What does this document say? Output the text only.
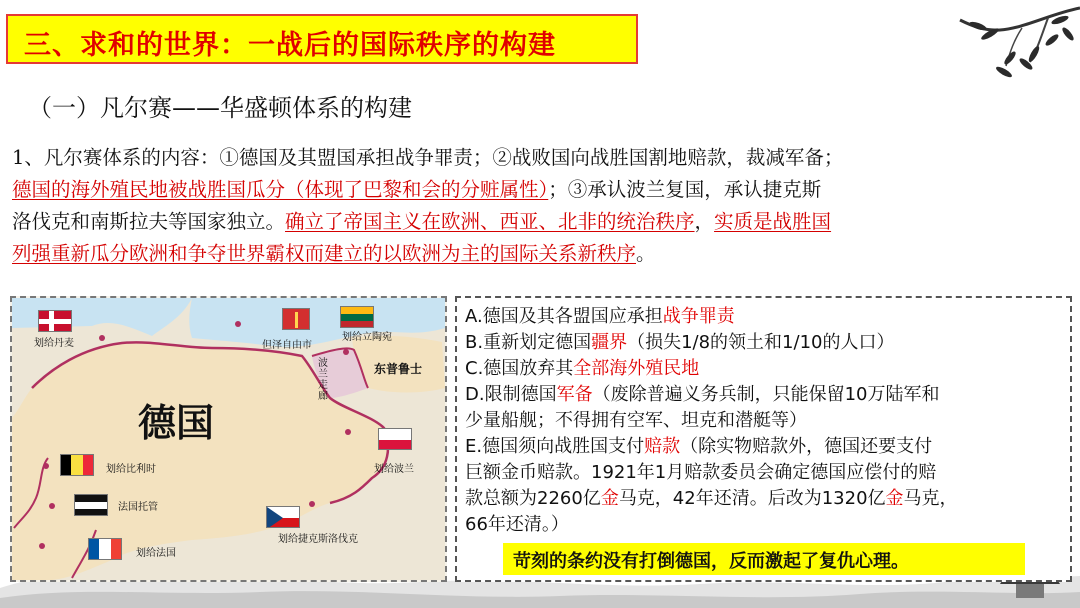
三、求和的世界：一战后的国际秩序的构建
（一）凡尔赛——华盛顿体系的构建
1、凡尔赛体系的内容：①德国及其盟国承担战争罪责；②战败国向战胜国割地赔款，裁减军备；
德国的海外殖民地被战胜国瓜分（体现了巴黎和会的分赃属性）；③承认波兰复国，承认捷克斯
洛伐克和南斯拉夫等国家独立。确立了帝国主义在欧洲、西亚、北非的统治秩序，实质是战胜国
列强重新瓜分欧洲和争夺世界霸权而建立的以欧洲为主的国际关系新秩序。
德国
划给丹麦	但泽自由市
划给立陶宛
波兰走廊
东普鲁士
划给波兰
划给比利时
法国托管
划给法国
划给捷克斯洛伐克
A.德国及其各盟国应承担战争罪责
B.重新划定德国疆界（损失1/8的领土和1/10的人口）
C.德国放弃其全部海外殖民地
D.限制德国军备（废除普遍义务兵制，只能保留10万陆军和
少量船舰；不得拥有空军、坦克和潜艇等）
E.德国须向战胜国支付赔款（除实物赔款外，德国还要支付
巨额金币赔款。1921年1月赔款委员会确定德国应偿付的赔
款总额为2260亿金马克，42年还清。后改为1320亿金马克，
66年还清。）
苛刻的条约没有打倒德国，反而激起了复仇心理。
